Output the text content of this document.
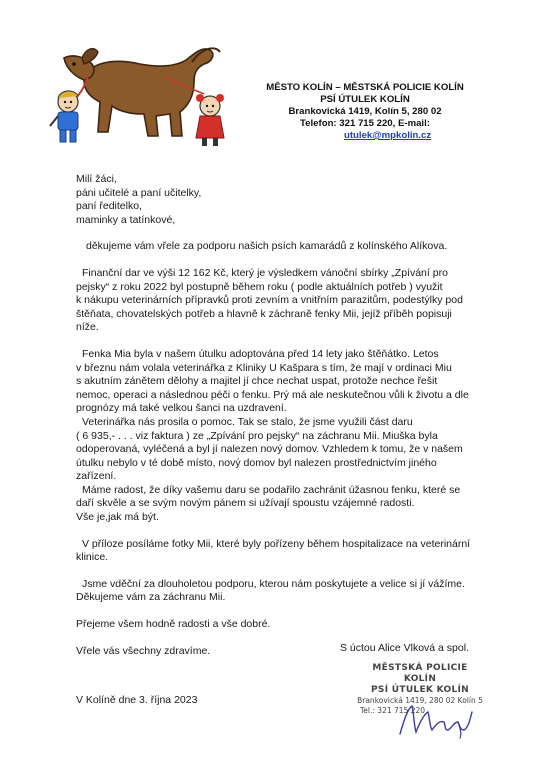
MĚSTO KOLÍN – MĚSTSKÁ POLICIE KOLÍN
PSÍ ÚTULEK KOLÍN
Brankovická 1419, Kolín 5, 280 02
Telefon: 321 715 220, E-mail:
utulek@mpkolin.cz

Milí žáci,

páni učitelé a paní učitelky,

paní ředitelko,

maminky a tatínkové,

děkujeme vám vřele za podporu našich psích kamarádů z kolínského Alíkova.

Finanční dar ve výši 12 162 Kč, který je výsledkem vánoční sbírky „Zpívání pro

pejsky“ z roku 2022 byl postupně během roku ( podle aktuálních potřeb ) využit

k nákupu veterinárních přípravků proti zevním a vnitřním parazitům, podestýlky pod

štěňata, chovatelských potřeb a hlavně k záchraně fenky Mii, jejíž příběh popisuji

níže.

Fenka Mia byla v našem útulku adoptována před 14 lety jako štěňátko. Letos

v březnu nám volala veterinářka z Kliniky U Kašpara s tím, že mají v ordinaci Miu

s akutním zánětem dělohy a majitel jí chce nechat uspat, protože nechce řešit

nemoc, operaci a následnou péči o fenku. Prý má ale neskutečnou vůli k životu a dle

prognózy má také velkou šanci na uzdravení.

Veterinářka nás prosila o pomoc. Tak se stalo, že jsme využili část daru

( 6 935,- . . . viz faktura ) ze „Zpívání pro pejsky“ na záchranu Mii. Miuška byla

odoperovaná, vyléčená a byl jí nalezen nový domov. Vzhledem k tomu, že v našem

útulku nebylo v té době místo, nový domov byl nalezen prostřednictvím jiného

zařízení.

Máme radost, že díky vašemu daru se podařilo zachránit úžasnou fenku, které se

daří skvěle a se svým novým pánem si užívají spoustu vzájemné radosti.

Vše je,jak má být.

V příloze posíláme fotky Mii, které byly pořízeny během hospitalizace na veterinární

klinice.

Jsme vděční za dlouholetou podporu, kterou nám poskytujete a velice si jí vážíme.

Děkujeme vám za záchranu Mii.

Přejeme všem hodně radosti a vše dobré.

Vřele vás všechny zdravíme.	S úctou Alice Vlková a spol.
MĚSTSKÁ POLICIE KOLÍN
PSÍ ÚTULEK KOLÍN
Brankovická 1419, 280 02 Kolín 5
Tel.: 321 715 220
V Kolíně dne 3. října 2023
